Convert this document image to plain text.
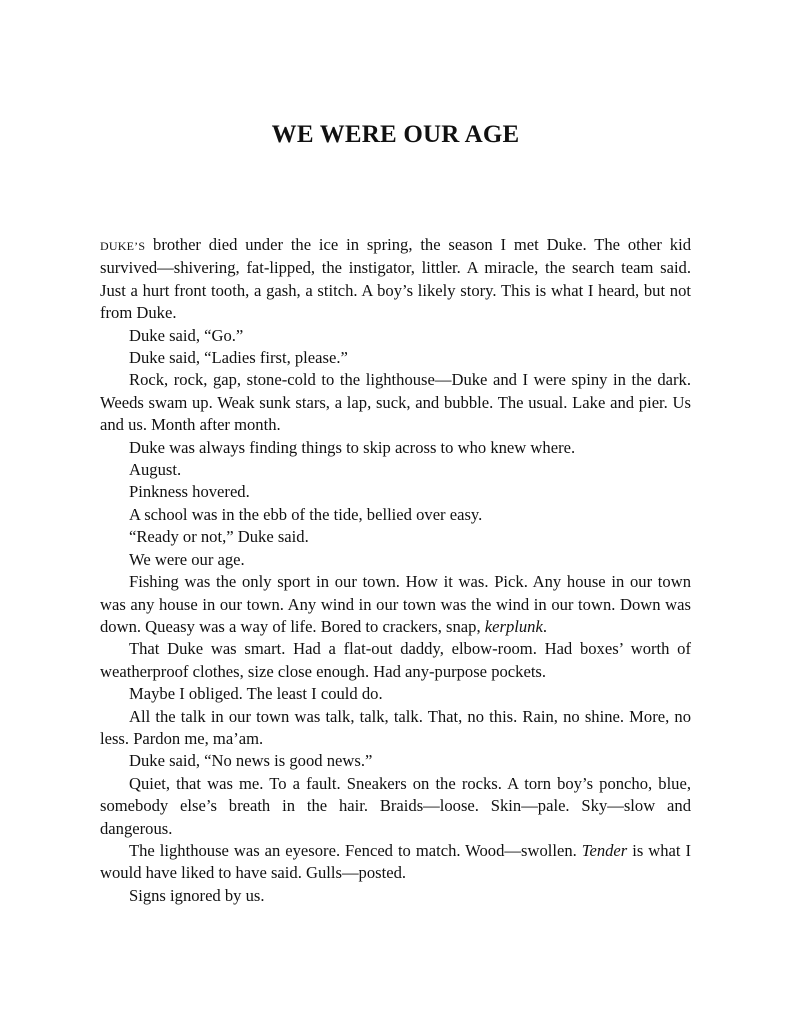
WE WERE OUR AGE

DUKE’S brother died under the ice in spring, the season I met Duke. The other kid survived—shivering, fat-lipped, the instigator, littler. A miracle, the search team said. Just a hurt front tooth, a gash, a stitch. A boy’s likely story. This is what I heard, but not from Duke.

Duke said, “Go.”

Duke said, “Ladies first, please.”

Rock, rock, gap, stone-cold to the lighthouse—Duke and I were spiny in the dark. Weeds swam up. Weak sunk stars, a lap, suck, and bubble. The usual. Lake and pier. Us and us. Month after month.

Duke was always finding things to skip across to who knew where.

August.

Pinkness hovered.

A school was in the ebb of the tide, bellied over easy.

“Ready or not,” Duke said.

We were our age.

Fishing was the only sport in our town. How it was. Pick. Any house in our town was any house in our town. Any wind in our town was the wind in our town. Down was down. Queasy was a way of life. Bored to crackers, snap, kerplunk.

That Duke was smart. Had a flat-out daddy, elbow-room. Had boxes’ worth of weatherproof clothes, size close enough. Had any-purpose pockets.

Maybe I obliged. The least I could do.

All the talk in our town was talk, talk, talk. That, no this. Rain, no shine. More, no less. Pardon me, ma’am.

Duke said, “No news is good news.”

Quiet, that was me. To a fault. Sneakers on the rocks. A torn boy’s poncho, blue, somebody else’s breath in the hair. Braids—loose. Skin—pale. Sky—slow and dangerous.

The lighthouse was an eyesore. Fenced to match. Wood—swollen. Tender is what I would have liked to have said. Gulls—posted.

Signs ignored by us.
